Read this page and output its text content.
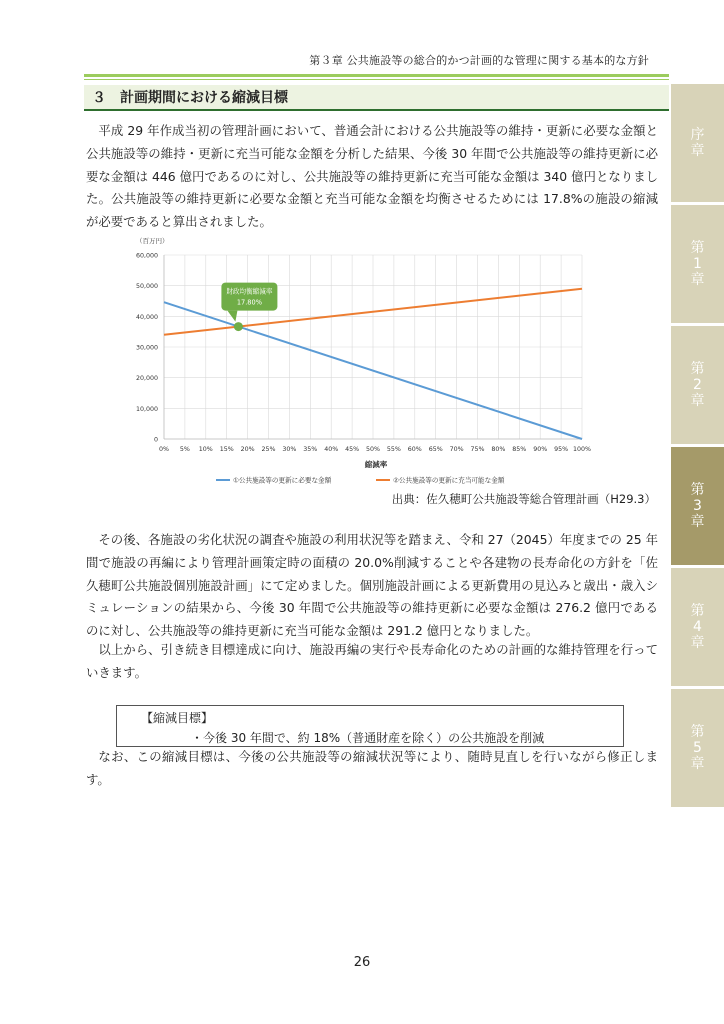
第３章 公共施設等の総合的かつ計画的な管理に関する基本的な方針
３　計画期間における縮減目標

平成 29 年作成当初の管理計画において、普通会計における公共施設等の維持・更新に必要な金額と公共施設等の維持・更新に充当可能な金額を分析した結果、今後 30 年間で公共施設等の維持更新に必要な金額は 446 億円であるのに対し、公共施設等の維持更新に充当可能な金額は 340 億円となりました。公共施設等の維持更新に必要な金額と充当可能な金額を均衡させるためには 17.8%の施設の縮減が必要であると算出されました。

財政均衡縮減率
17.80%
0% 5% 10% 15% 20% 25% 30% 35% 40% 45% 50% 55% 60% 65% 70% 75% 80% 85% 90% 95% 100%
0
10,000
20,000
30,000
40,000
50,000
60,000
（百万円）
縮減率
①公共施設等の更新に必要な金額	②公共施設等の更新に充当可能な金額
出典：佐久穂町公共施設等総合管理計画（H29.3）

その後、各施設の劣化状況の調査や施設の利用状況等を踏まえ、令和 27（2045）年度までの 25 年間で施設の再編により管理計画策定時の面積の 20.0%削減することや各建物の長寿命化の方針を「佐久穂町公共施設個別施設計画」にて定めました。個別施設計画による更新費用の見込みと歳出・歳入シミュレーションの結果から、今後 30 年間で公共施設等の維持更新に必要な金額は 276.2 億円であるのに対し、公共施設等の維持更新に充当可能な金額は 291.2 億円となりました。

以上から、引き続き目標達成に向け、施設再編の実行や長寿命化のための計画的な維持管理を行っていきます。

【縮減目標】
・今後 30 年間で、約 18%（普通財産を除く）の公共施設を削減

なお、この縮減目標は、今後の公共施設等の縮減状況等により、随時見直しを行いながら修正します。

26
序章
第1章
第2章
第3章
第4章
第5章
